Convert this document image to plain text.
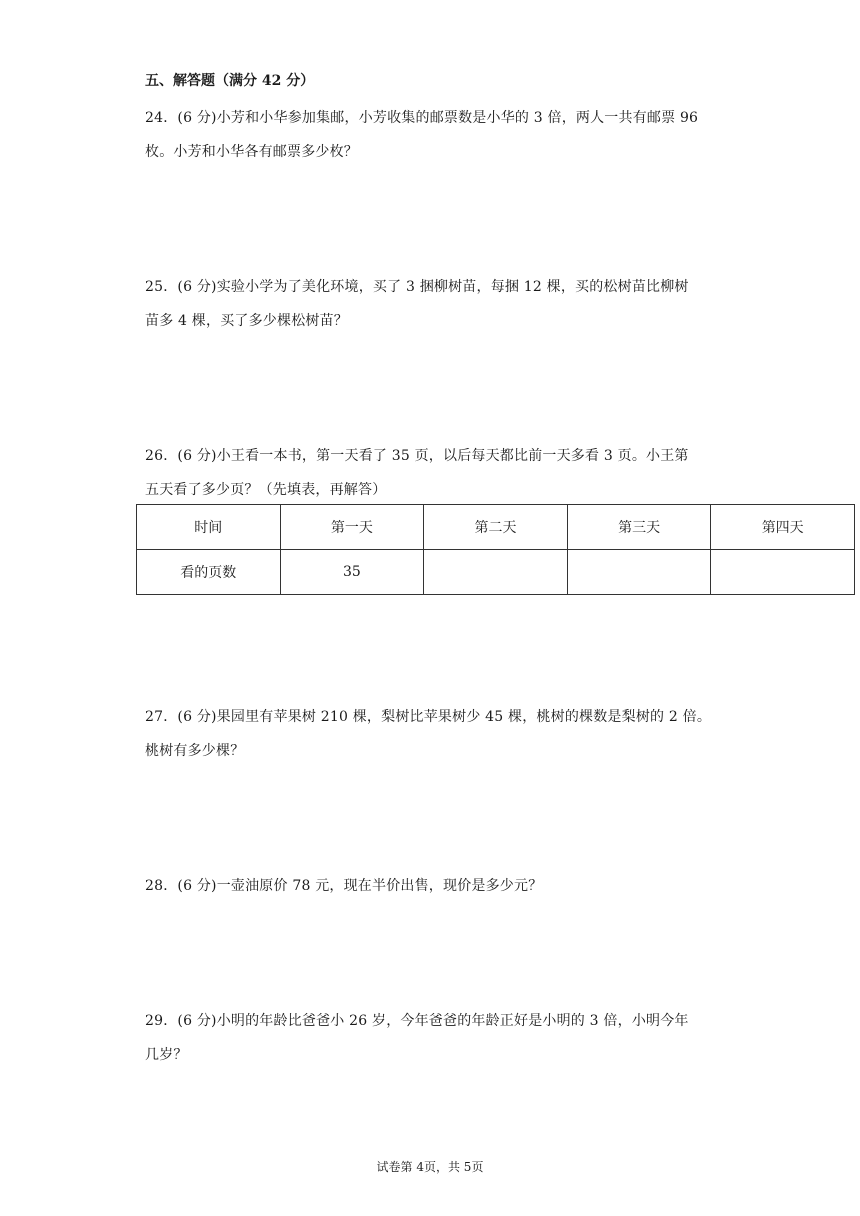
五、解答题（满分 42 分）
24．(6 分)小芳和小华参加集邮，小芳收集的邮票数是小华的 3 倍，两人一共有邮票 96
枚。小芳和小华各有邮票多少枚？
25．(6 分)实验小学为了美化环境，买了 3 捆柳树苗，每捆 12 棵，买的松树苗比柳树
苗多 4 棵，买了多少棵松树苗？
26．(6 分)小王看一本书，第一天看了 35 页，以后每天都比前一天多看 3 页。小王第
五天看了多少页？（先填表，再解答）
时间	第一天	第二天	第三天	第四天
看的页数	35			
27．(6 分)果园里有苹果树 210 棵，梨树比苹果树少 45 棵，桃树的棵数是梨树的 2 倍。
桃树有多少棵？
28．(6 分)一壶油原价 78 元，现在半价出售，现价是多少元？
29．(6 分)小明的年龄比爸爸小 26 岁，今年爸爸的年龄正好是小明的 3 倍，小明今年
几岁？
试卷第 4页，共 5页
